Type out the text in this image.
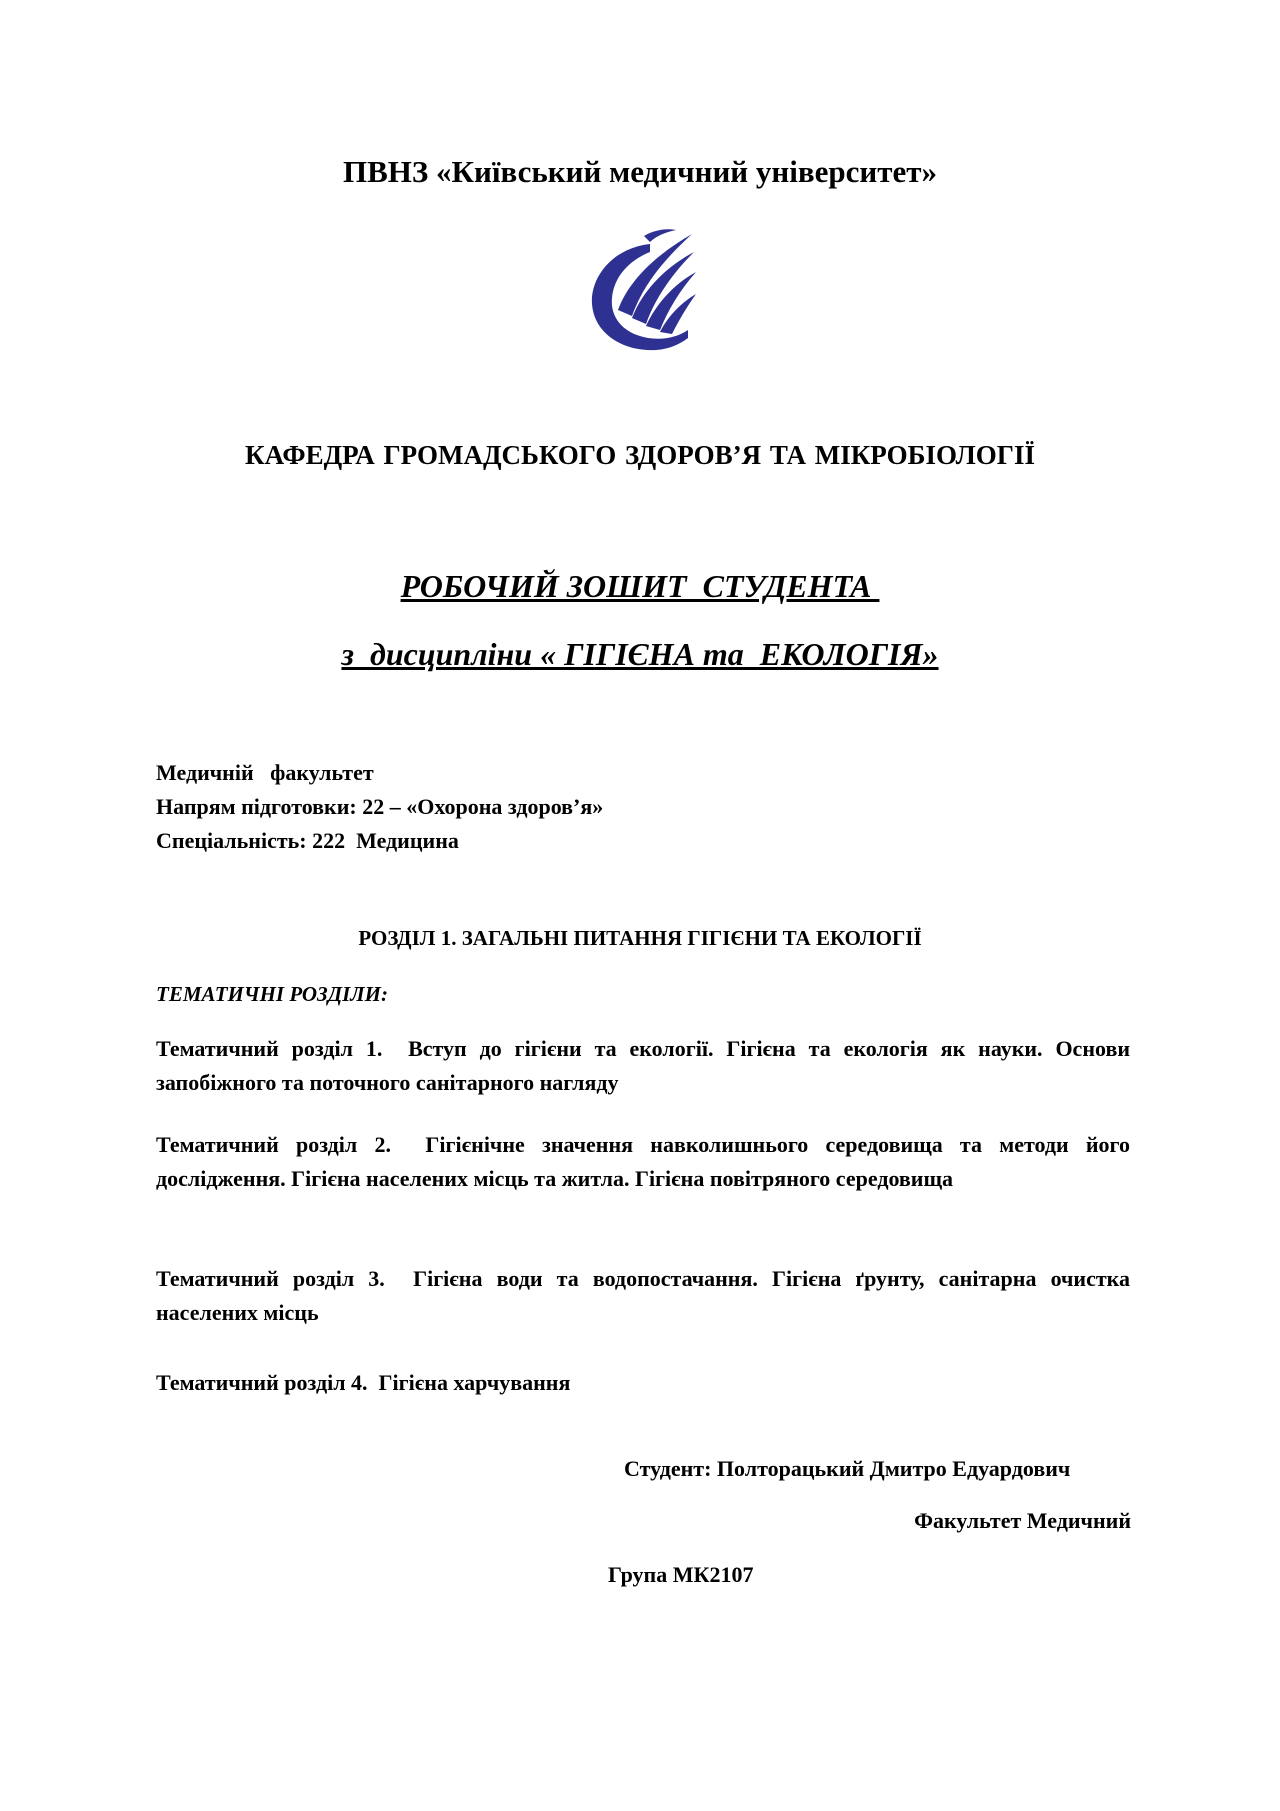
ПВНЗ «Київський медичний університет»
КАФЕДРА ГРОМАДСЬКОГО ЗДОРОВ’Я ТА МІКРОБІОЛОГІЇ
РОБОЧИЙ ЗОШИТ  СТУДЕНТА
з  дисципліни « ГІГІЄНА та  ЕКОЛОГІЯ»
Медичній   факультет
Напрям підготовки: 22 – «Охорона здоров’я»
Спеціальність: 222  Медицина
РОЗДІЛ 1. ЗАГАЛЬНІ ПИТАННЯ ГІГІЄНИ ТА ЕКОЛОГІЇ
ТЕМАТИЧНІ РОЗДІЛИ:
Тематичний розділ 1.  Вступ до гігієни та екології. Гігієна та екологія як науки. Основи запобіжного та поточного санітарного нагляду
Тематичний розділ 2.  Гігієнічне значення навколишнього середовища та методи його дослідження. Гігієна населених місць та житла. Гігієна повітряного середовища
Тематичний розділ 3.  Гігієна води та водопостачання. Гігієна ґрунту, санітарна очистка населених місць
Тематичний розділ 4.  Гігієна харчування
Студент: Полторацький Дмитро Едуардович
Факультет Медичний
Група МК2107
